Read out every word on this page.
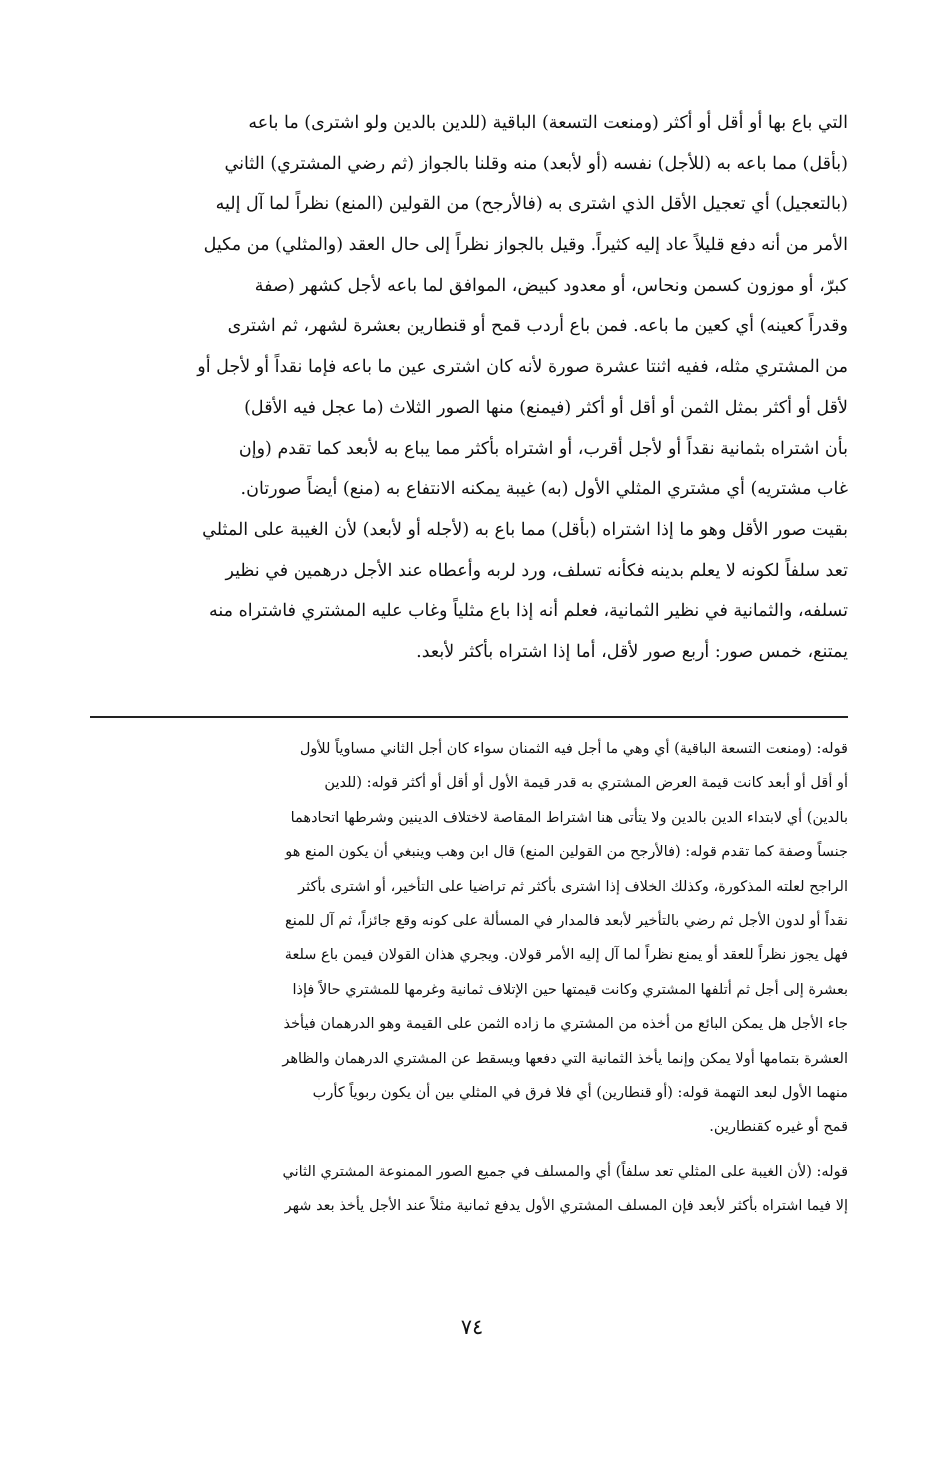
التي باع بها أو أقل أو أكثر (ومنعت التسعة) الباقية (للدين بالدين ولو اشترى) ما باعه
(بأقل) مما باعه به (للأجل) نفسه (أو لأبعد) منه وقلنا بالجواز (ثم رضي المشتري) الثاني
(بالتعجيل) أي تعجيل الأقل الذي اشترى به (فالأرجح) من القولين (المنع) نظراً لما آل إليه
الأمر من أنه دفع قليلاً عاد إليه كثيراً. وقيل بالجواز نظراً إلى حال العقد (والمثلي) من مكيل
كبرّ، أو موزون كسمن ونحاس، أو معدود كبيض، الموافق لما باعه لأجل كشهر (صفة
وقدراً كعينه) أي كعين ما باعه. فمن باع أردب قمح أو قنطارين بعشرة لشهر، ثم اشترى
من المشتري مثله، ففيه اثنتا عشرة صورة لأنه كان اشترى عين ما باعه فإما نقداً أو لأجل أو
لأقل أو أكثر بمثل الثمن أو أقل أو أكثر (فيمنع) منها الصور الثلاث (ما عجل فيه الأقل)
بأن اشتراه بثمانية نقداً أو لأجل أقرب، أو اشتراه بأكثر مما يباع به لأبعد كما تقدم (وإن
غاب مشتريه) أي مشتري المثلي الأول (به) غيبة يمكنه الانتفاع به (منع) أيضاً صورتان.
بقيت صور الأقل وهو ما إذا اشتراه (بأقل) مما باع به (لأجله أو لأبعد) لأن الغيبة على المثلي
تعد سلفاً لكونه لا يعلم بدينه فكأنه تسلف، ورد لربه وأعطاه عند الأجل درهمين في نظير
تسلفه، والثمانية في نظير الثمانية، فعلم أنه إذا باع مثلياً وغاب عليه المشتري فاشتراه منه
يمتنع، خمس صور: أربع صور لأقل، أما إذا اشتراه بأكثر لأبعد.
قوله: (ومنعت التسعة الباقية) أي وهي ما أجل فيه الثمنان سواء كان أجل الثاني مساوياً للأول
أو أقل أو أبعد كانت قيمة العرض المشتري به قدر قيمة الأول أو أقل أو أكثر قوله: (للدين
بالدين) أي لابتداء الدين بالدين ولا يتأتى هنا اشتراط المقاصة لاختلاف الدينين وشرطها اتحادهما
جنساً وصفة كما تقدم قوله: (فالأرجح من القولين المنع) قال ابن وهب وينبغي أن يكون المنع هو
الراجح لعلته المذكورة، وكذلك الخلاف إذا اشترى بأكثر ثم تراضيا على التأخير، أو اشترى بأكثر
نقداً أو لدون الأجل ثم رضي بالتأخير لأبعد فالمدار في المسألة على كونه وقع جائزاً، ثم آل للمنع
فهل يجوز نظراً للعقد أو يمنع نظراً لما آل إليه الأمر قولان. ويجري هذان القولان فيمن باع سلعة
بعشرة إلى أجل ثم أتلفها المشتري وكانت قيمتها حين الإتلاف ثمانية وغرمها للمشتري حالاً فإذا
جاء الأجل هل يمكن البائع من أخذه من المشتري ما زاده الثمن على القيمة وهو الدرهمان فيأخذ
العشرة بتمامها أولا يمكن وإنما يأخذ الثمانية التي دفعها ويسقط عن المشتري الدرهمان والظاهر
منهما الأول لبعد التهمة قوله: (أو قنطارين) أي فلا فرق في المثلي بين أن يكون ربوياً كأرب
قمح أو غيره كقنطارين.
قوله: (لأن الغيبة على المثلي تعد سلفاً) أي والمسلف في جميع الصور الممنوعة المشتري الثاني
إلا فيما اشتراه بأكثر لأبعد فإن المسلف المشتري الأول يدفع ثمانية مثلاً عند الأجل يأخذ بعد شهر
٧٤
